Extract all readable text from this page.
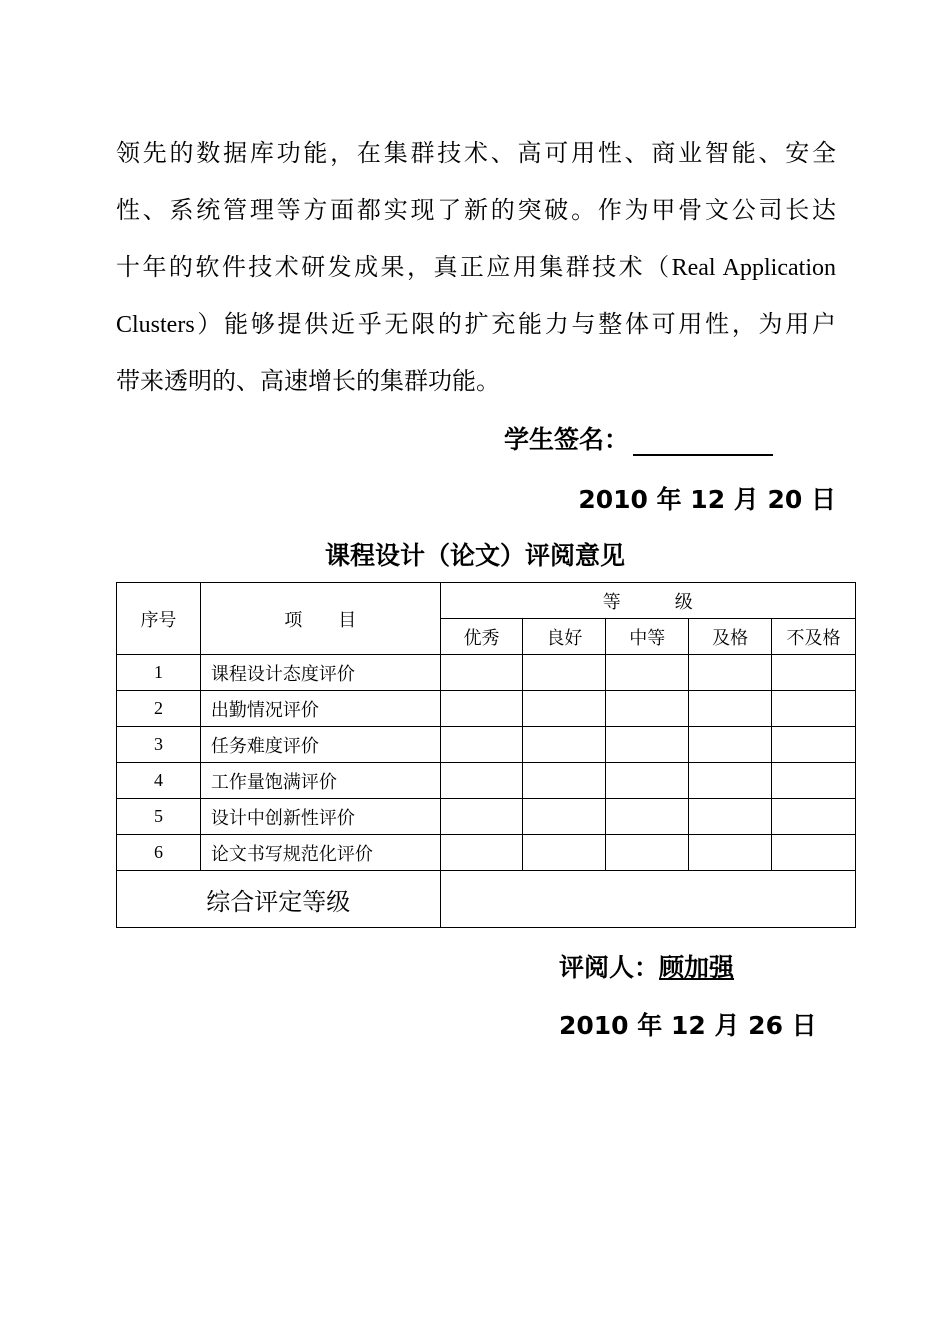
领先的数据库功能，在集群技术、高可用性、商业智能、安全
性、系统管理等方面都实现了新的突破。作为甲骨文公司长达
十年的软件技术研发成果，真正应用集群技术（Real Application
Clusters）能够提供近乎无限的扩充能力与整体可用性，为用户
带来透明的、高速增长的集群功能。
学生签名：
2010 年 12 月 20 日
课程设计（论文）评阅意见
序号	项　　目	等　　　级				
		优秀	良好	中等	及格	不及格
1	课程设计态度评价					
2	出勤情况评价					
3	任务难度评价					
4	工作量饱满评价					
5	设计中创新性评价					
6	论文书写规范化评价					
综合评定等级						
评阅人：顾加强
2010 年 12 月 26 日
